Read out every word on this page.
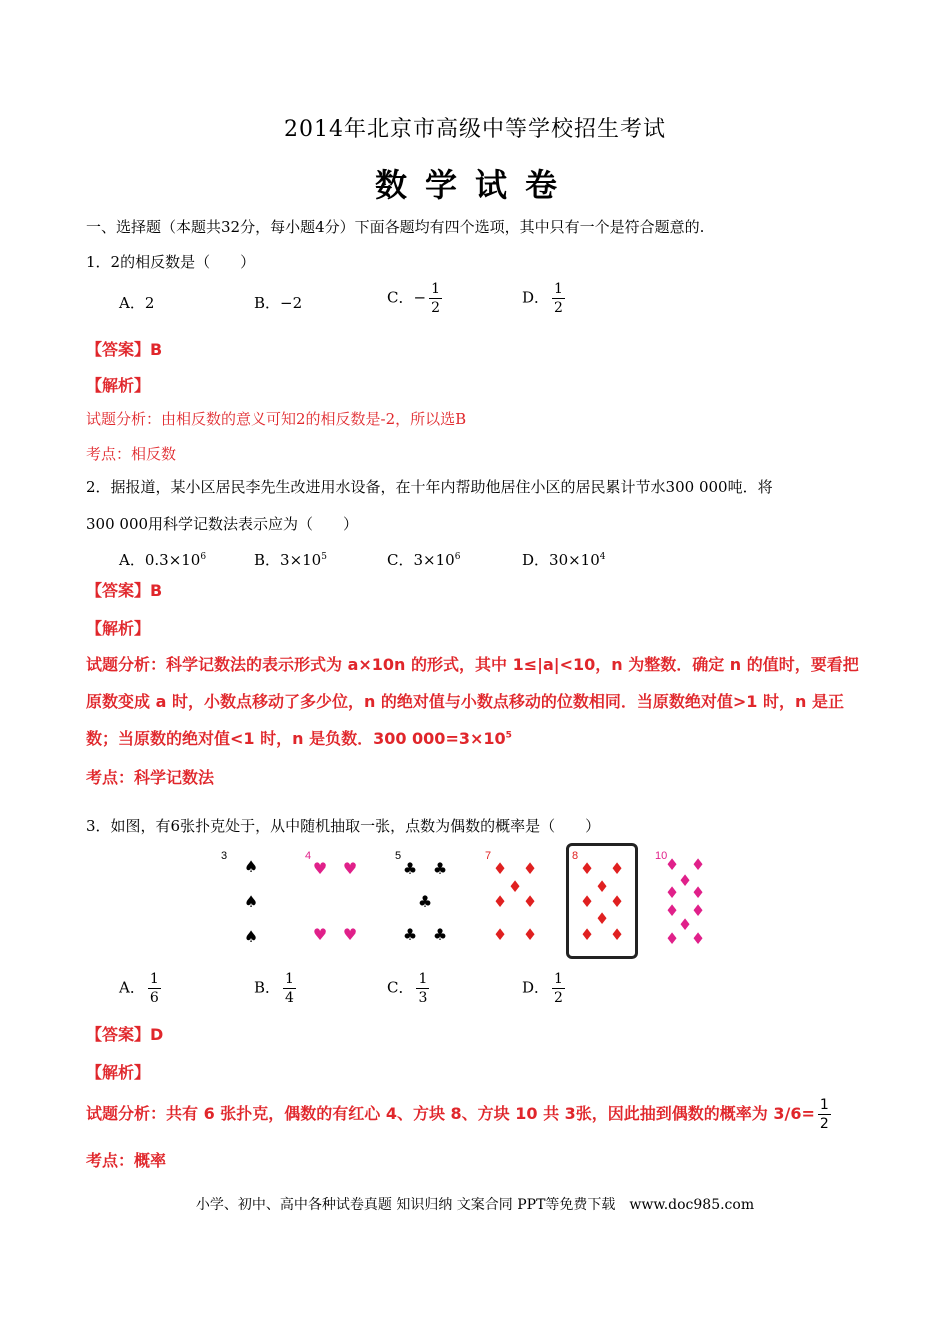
2014年北京市高级中等学校招生考试
数学试卷
一、选择题（本题共32分，每小题4分）下面各题均有四个选项，其中只有一个是符合题意的.
1．2的相反数是（　　）
A．2	B．−2	C．− $\frac{1}{2}$	D． $\frac{1}{2}$
【答案】B
【解析】
试题分析：由相反数的意义可知2的相反数是-2，所以选B
考点：相反数
2．据报道，某小区居民李先生改进用水设备，在十年内帮助他居住小区的居民累计节水300 000吨．将
300 000用科学记数法表示应为（　　）
A．$0.3\times 10^6$	B．$3\times 10^5$	C．$3\times 10^6$	D．$30\times 10^4$
【答案】B
【解析】
试题分析：科学记数法的表示形式为 a×10n 的形式，其中 1≤|a|<10，n 为整数．确定 n 的值时，要看把
原数变成 a 时，小数点移动了多少位，n 的绝对值与小数点移动的位数相同．当原数绝对值>1 时，n 是正
数；当原数的绝对值<1 时，n 是负数．300 $000=3\times 10^5$
考点：科学记数法
3．如图，有6张扑克处于，从中随机抽取一张，点数为偶数的概率是（　　）
3
♠
♠
♠
4
♥ ♥
♥ ♥
5
♣ ♣
♣
♣ ♣
7
♦ ♦
♦
♦ ♦
♦ ♦
8
♦ ♦
♦
♦ ♦
♦
♦ ♦
10
♦ ♦
♦
♦ ♦
♦ ♦
♦
♦ ♦
A． $\frac{1}{6}$	B． $\frac{1}{4}$	C． $\frac{1}{3}$	D． $\frac{1}{2}$
【答案】D
【解析】
试题分析：共有 6 张扑克，偶数的有红心 4、方块 8、方块 10 共 3张，因此抽到偶数的概率为 $3/6= \frac{1}{2}$
考点：概率
小学、初中、高中各种试卷真题 知识归纳 文案合同 PPT等免费下载　www.doc985.com
